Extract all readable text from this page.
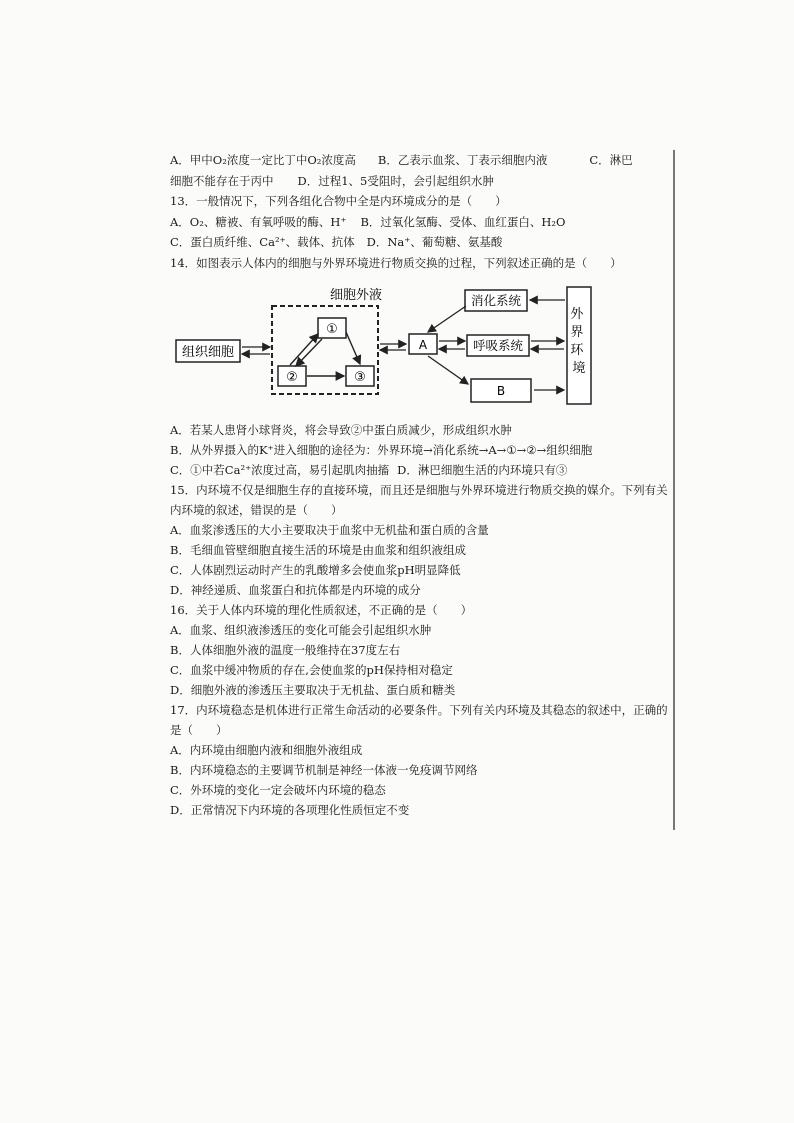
A．甲中O₂浓度一定比丁中O₂浓度高 B．乙表示血浆、丁表示细胞内液	C．淋巴
细胞不能存在于丙中 D．过程1、5受阻时，会引起组织水肿
13．一般情况下，下列各组化合物中全是内环境成分的是（　　）
A．O₂、糖被、有氧呼吸的酶、H⁺ B．过氧化氢酶、受体、血红蛋白、H₂O
C．蛋白质纤维、Ca²⁺、载体、抗体 D．Na⁺、葡萄糖、氨基酸
14．如图表示人体内的细胞与外界环境进行物质交换的过程，下列叙述正确的是（　　）
细胞外液
①
②	③
组织细胞	A
消化系统
呼吸系统
B
外 界 环 境
A．若某人患肾小球肾炎，将会导致②中蛋白质减少，形成组织水肿
B．从外界摄入的K⁺进入细胞的途径为：外界环境→消化系统→A→①→②→组织细胞
C．①中若Ca²⁺浓度过高，易引起肌肉抽搐 D．淋巴细胞生活的内环境只有③
15．内环境不仅是细胞生存的直接环境，而且还是细胞与外界环境进行物质交换的媒介。下列有关
内环境的叙述，错误的是（　　）
A．血浆渗透压的大小主要取决于血浆中无机盐和蛋白质的含量
B．毛细血管壁细胞直接生活的环境是由血浆和组织液组成
C．人体剧烈运动时产生的乳酸增多会使血浆pH明显降低
D．神经递质、血浆蛋白和抗体都是内环境的成分
16．关于人体内环境的理化性质叙述，不正确的是（　　）
A．血浆、组织液渗透压的变化可能会引起组织水肿
B．人体细胞外液的温度一般维持在37度左右
C．血浆中缓冲物质的存在,会使血浆的pH保持相对稳定
D．细胞外液的渗透压主要取决于无机盐、蛋白质和糖类
17．内环境稳态是机体进行正常生命活动的必要条件。下列有关内环境及其稳态的叙述中，正确的
是（　　）
A．内环境由细胞内液和细胞外液组成
B．内环境稳态的主要调节机制是神经一体液一免疫调节网络
C．外环境的变化一定会破坏内环境的稳态
D．正常情况下内环境的各项理化性质恒定不变
